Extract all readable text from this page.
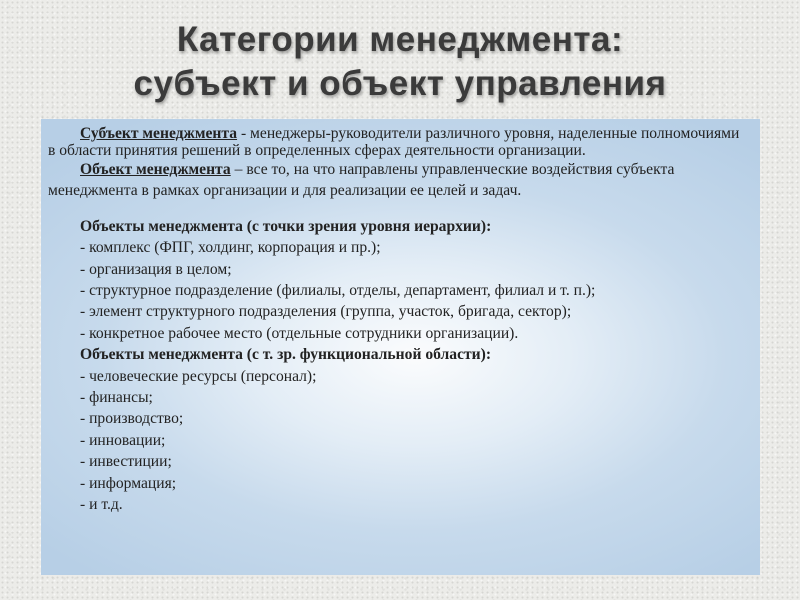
Категории менеджмента:
субъект и объект управления

Субъект менеджмента - менеджеры-руководители различного уровня, наделенные полномочиями в области принятия решений в определенных сферах деятельности организации.

Объект менеджмента – все то, на что направлены управленческие воздействия субъекта менеджмента в рамках организации и для реализации ее целей и задач.

Объекты менеджмента (с точки зрения уровня иерархии):

- комплекс (ФПГ, холдинг, корпорация и пр.);
- организация в целом;
- структурное подразделение (филиалы, отделы, департамент, филиал и т. п.);
- элемент структурного подразделения (группа, участок, бригада, сектор);
- конкретное рабочее место (отдельные сотрудники организации).

Объекты менеджмента (с т. зр. функциональной области):

- человеческие ресурсы (персонал);
- финансы;
- производство;
- инновации;
- инвестиции;
- информация;
- и т.д.
